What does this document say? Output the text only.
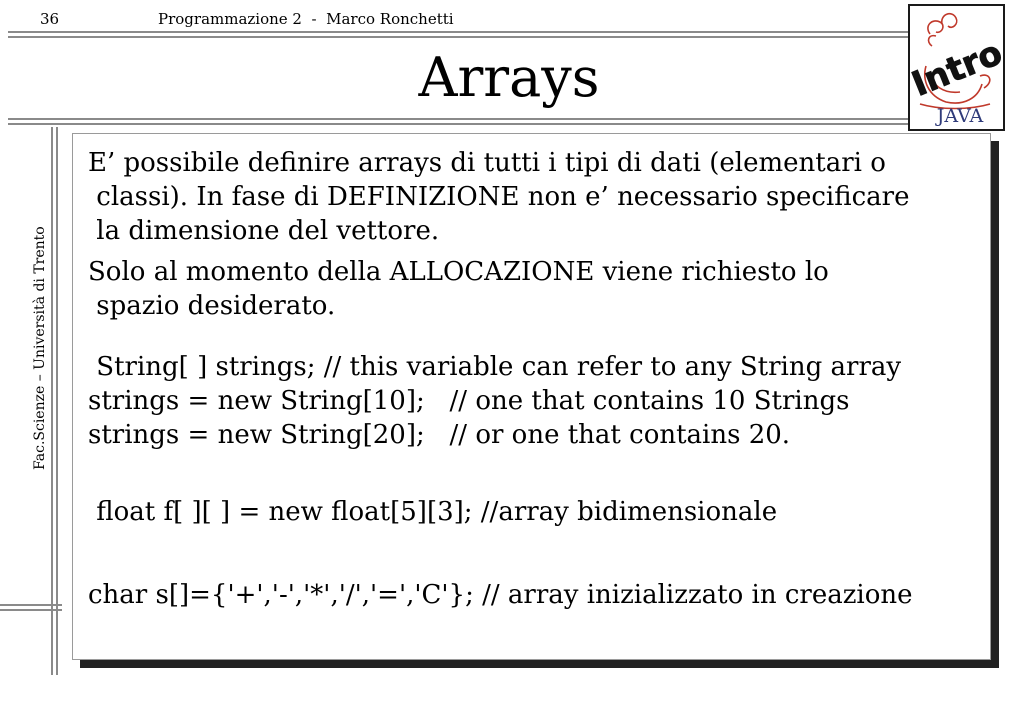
36	Programmazione 2  -  Marco Ronchetti
Arrays
Fac.Scienze – Università di Trento
Intro
JAVA
E’ possibile definire arrays di tutti i tipi di dati (elementari o
classi). In fase di DEFINIZIONE non e’ necessario specificare
la dimensione del vettore.
Solo al momento della ALLOCAZIONE viene richiesto lo
spazio desiderato.
String[ ] strings; // this variable can refer to any String array
strings = new String[10];   // one that contains 10 Strings
strings = new String[20];   // or one that contains 20.
float f[ ][ ] = new float[5][3]; //array bidimensionale
char s[]={'+','-','*','/','=','C'}; // array inizializzato in creazione
